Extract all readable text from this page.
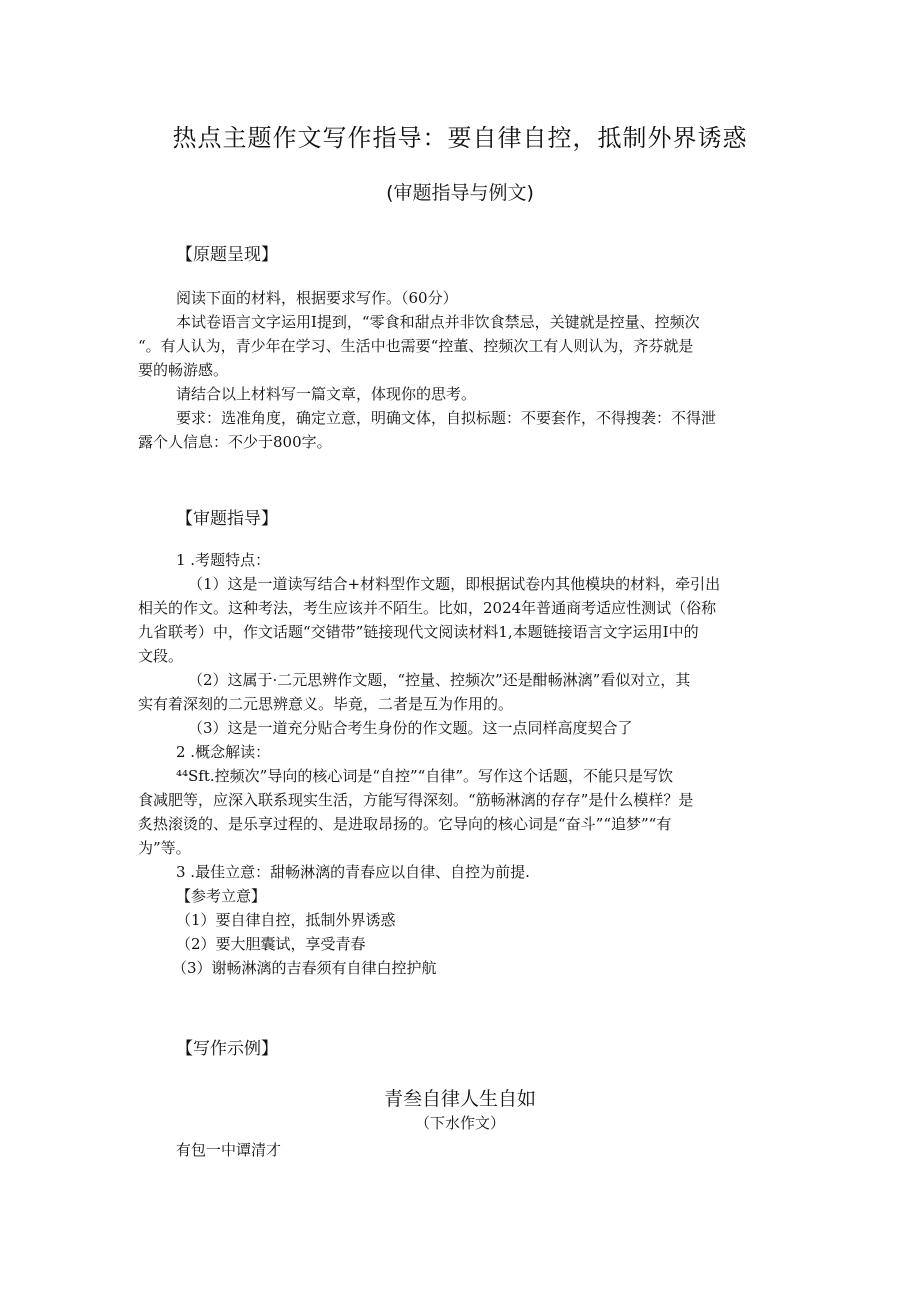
热点主题作文写作指导：要自律自控，抵制外界诱惑
(审题指导与例文)
【原题呈现】
阅读下面的材料，根据要求写作。（60分）
本试卷语言文字运用I提到，“零食和甜点并非饮食禁忌，关键就是控量、控频次
“。有人认为，青少年在学习、生活中也需要“控董、控频次工有人则认为，齐芬就是
要的畅游感。
请结合以上材料写一篇文章，体现你的思考。
要求：选准角度，确定立意，明确文体，自拟标题：不要套作，不得搜袭：不得泄
露个人信息：不少于800字。
【审题指导】
1 .考题特点：
（1）这是一道读写结合+材料型作文题，即根据试卷内其他模块的材料，牵引出
相关的作文。这种考法，考生应该并不陌生。比如，2024年普通商考适应性测试（俗称
九省联考）中，作文话题“交错带”链接现代文阅读材料1,本题链接语言文字运用I中的
文段。
（2）这属于·二元思辨作文题，“控量、控频次”还是酣畅淋漓”看似对立，其
实有着深刻的二元思辨意义。毕竟，二者是互为作用的。
（3）这是一道充分贴合考生身份的作文题。这一点同样高度契合了
2 .概念解读：
⁴⁴Sft.控频次”导向的核心词是“自控”“自律”。写作这个话题，不能只是写饮
食减肥等，应深入联系现实生活，方能写得深刻。“筋畅淋漓的存存”是什么模样？是
炙热滚烫的、是乐享过程的、是进取昂扬的。它导向的核心词是“奋斗”“追梦”“有
为”等。
3 .最佳立意：甜畅淋漓的青春应以自律、自控为前提.
【参考立意】
（1）要自律自控，抵制外界诱惑
（2）要大胆囊试，享受青春
（3）谢畅淋漓的吉春须有自律白控护航
【写作示例】
青叁自律人生自如
（下水作文）
有包一中谭清才
